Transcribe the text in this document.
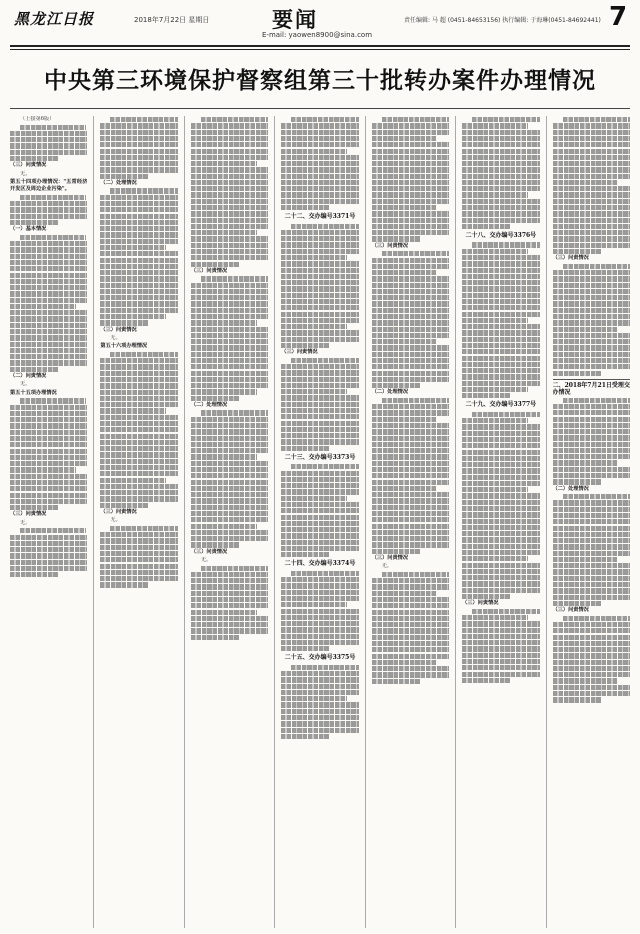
黑龙江日报	2018年7月22日 星期日	要闻
E-mail: yaowen8900@sina.com
责任编辑: 马 超 (0451-84653156) 执行编辑: 于海琳(0451-84692441) 7
中央第三环境保护督察组第三十批转办案件办理情况

（上接第6版）

（三）问责情况

无。

第五十四项办理情况："五常经济开发区及周边企业污染"。

（一）基本情况

（二）问责情况

无。

第五十五项办理情况

（三）问责情况

无。

（二）处理情况

（三）问责情况

无。

第五十六项办理情况

（三）问责情况

无。

（三）问责情况

（二）处理情况

（三）问责情况

无。

二十二、交办编号3371号

（三）问责情况

二十三、交办编号3373号

二十四、交办编号3374号

二十五、交办编号3375号

（三）问责情况

（二）处理情况

（三）问责情况

无。

二十八、交办编号3376号

二十九、交办编号3377号

（三）问责情况

（三）问责情况

二、2018年7月21日受理交办情况

（二）处理情况

（三）问责情况
